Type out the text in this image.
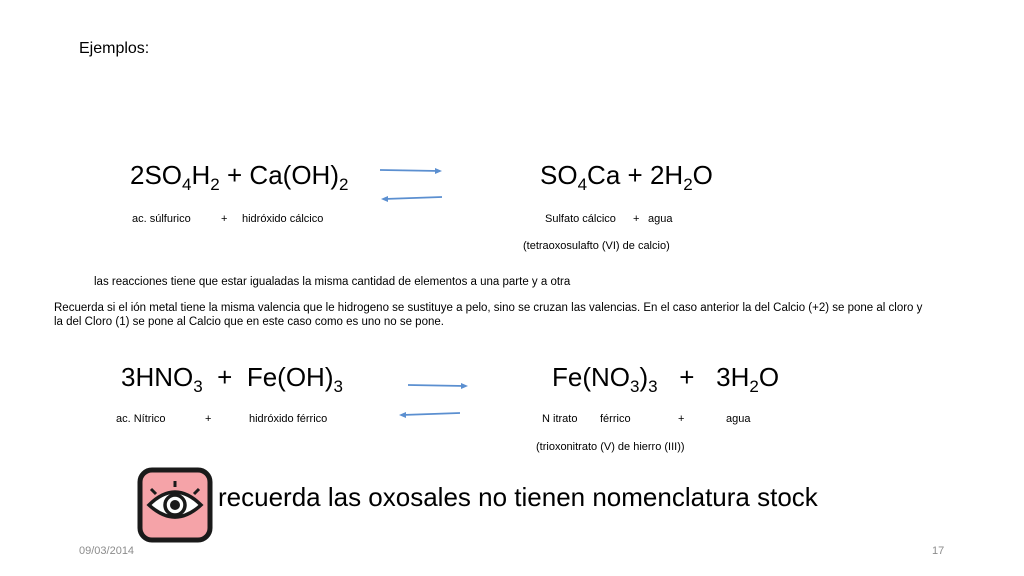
Ejemplos:
$2SO_4H_2 + Ca(OH)_2$	$SO_4Ca + 2H_2O$
ac. súlfurico	+ hidróxido cálcico	Sulfato cálcico + agua
(tetraoxosulafto (VI) de calcio)
las reacciones tiene que estar igualadas la misma cantidad de elementos a una parte y a otra
Recuerda si el ión metal tiene la misma valencia que le hidrogeno se sustituye a pelo, sino se cruzan las valencias. En el caso anterior la del Calcio (+2) se pone al cloro y la del Cloro (1) se pone al Calcio que en este caso como es uno no se pone.
$3HNO_3 + Fe(OH)_3$	$Fe(NO_3)_3 + 3H_2O$
ac. Nítrico	+	hidróxido férrico	N itrato férrico	+	agua
(trioxonitrato (V) de hierro (III))
recuerda las oxosales no tienen nomenclatura stock
09/03/2014	17
